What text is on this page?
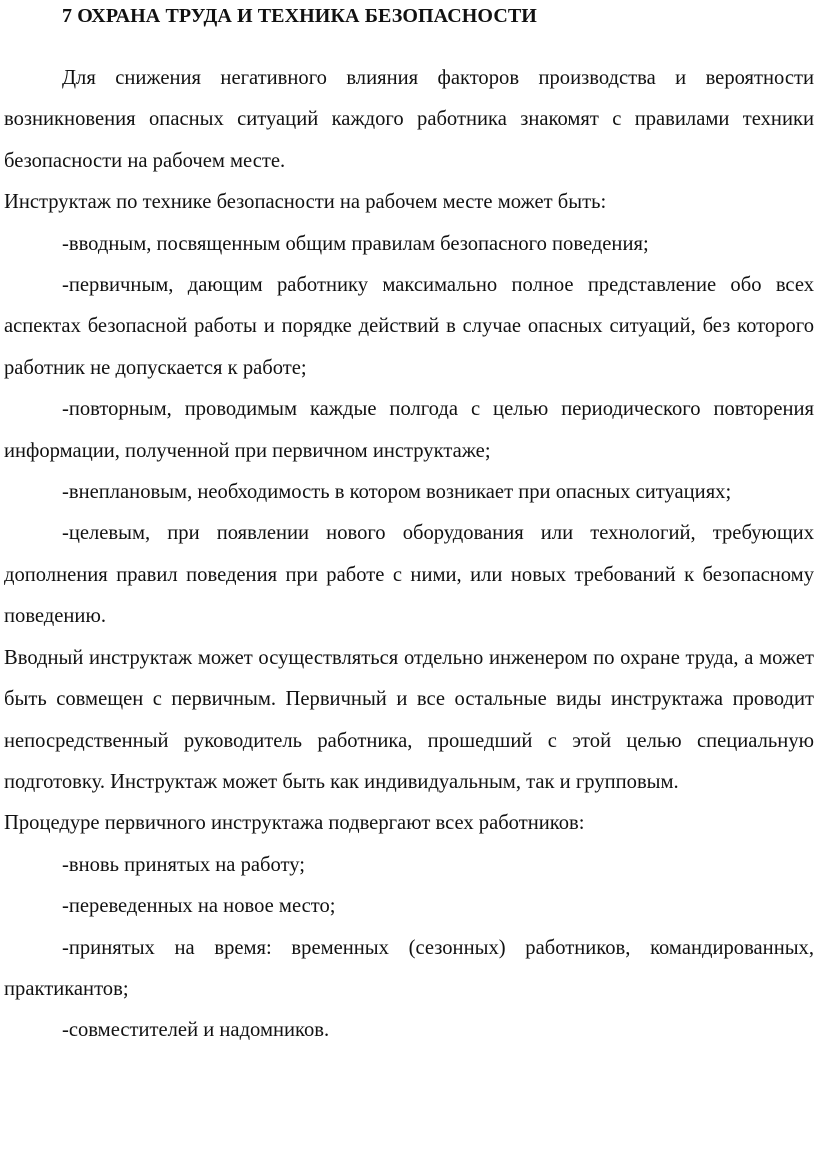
7 ОХРАНА ТРУДА И ТЕХНИКА БЕЗОПАСНОСТИ

Для снижения негативного влияния факторов производства и вероятности возникновения опасных ситуаций каждого работника знакомят с правилами техники безопасности на рабочем месте.

Инструктаж по технике безопасности на рабочем месте может быть:

-вводным, посвященным общим правилам безопасного поведения;

-первичным, дающим работнику максимально полное представление обо всех аспектах безопасной работы и порядке действий в случае опасных ситуаций, без которого работник не допускается к работе;

-повторным, проводимым каждые полгода с целью периодического повторения информации, полученной при первичном инструктаже;

-внеплановым, необходимость в котором возникает при опасных ситуациях;

-целевым, при появлении нового оборудования или технологий, требующих дополнения правил поведения при работе с ними, или новых требований к безопасному поведению.

Вводный инструктаж может осуществляться отдельно инженером по охране труда, а может быть совмещен с первичным. Первичный и все остальные виды инструктажа проводит непосредственный руководитель работника, прошедший с этой целью специальную подготовку. Инструктаж может быть как индивидуальным, так и групповым.

Процедуре первичного инструктажа подвергают всех работников:

-вновь принятых на работу;

-переведенных на новое место;

-принятых на время: временных (сезонных) работников, командированных, практикантов;

-совместителей и надомников.
